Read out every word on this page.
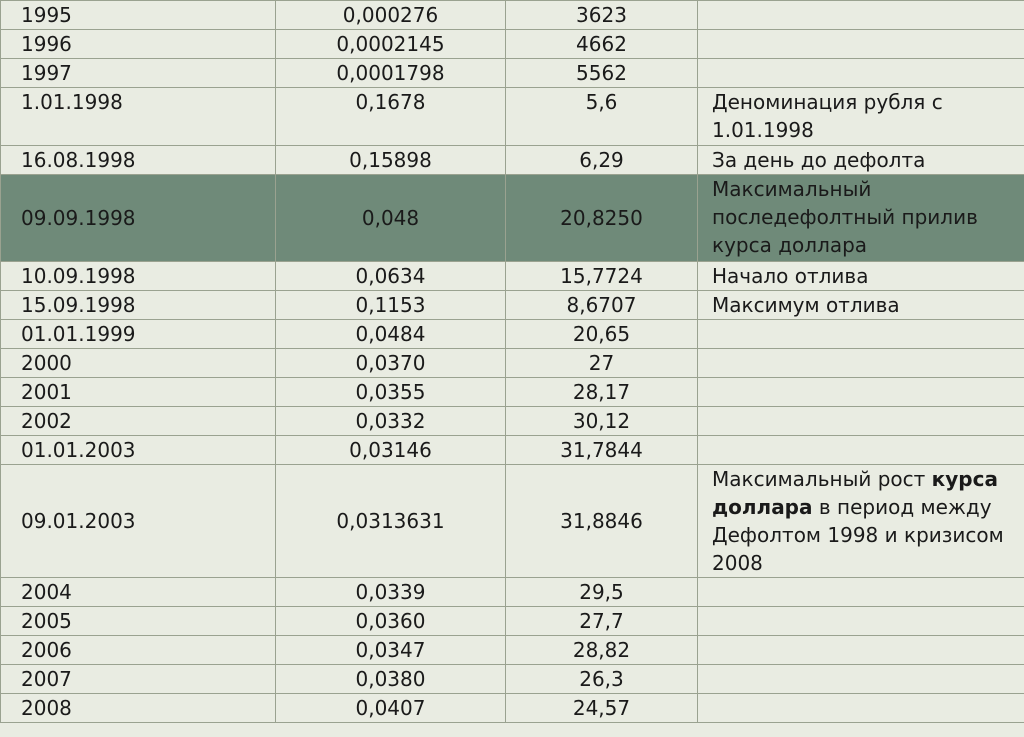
1995	0,000276	3623	
1996	0,0002145	4662	
1997	0,0001798	5562	
1.01.1998	0,1678	5,6	Деноминация рубля с 1.01.1998
16.08.1998	0,15898	6,29	За день до дефолта
09.09.1998	0,048	20,8250	Максимальный последефолтный прилив курса доллара
10.09.1998	0,0634	15,7724	Начало отлива
15.09.1998	0,1153	8,6707	Максимум отлива
01.01.1999	0,0484	20,65	
2000	0,0370	27	
2001	0,0355	28,17	
2002	0,0332	30,12	
01.01.2003	0,03146	31,7844	
09.01.2003	0,0313631	31,8846	Максимальный рост курса доллара в период между Дефолтом 1998 и кризисом 2008
2004	0,0339	29,5	
2005	0,0360	27,7	
2006	0,0347	28,82	
2007	0,0380	26,3	
2008	0,0407	24,57	
